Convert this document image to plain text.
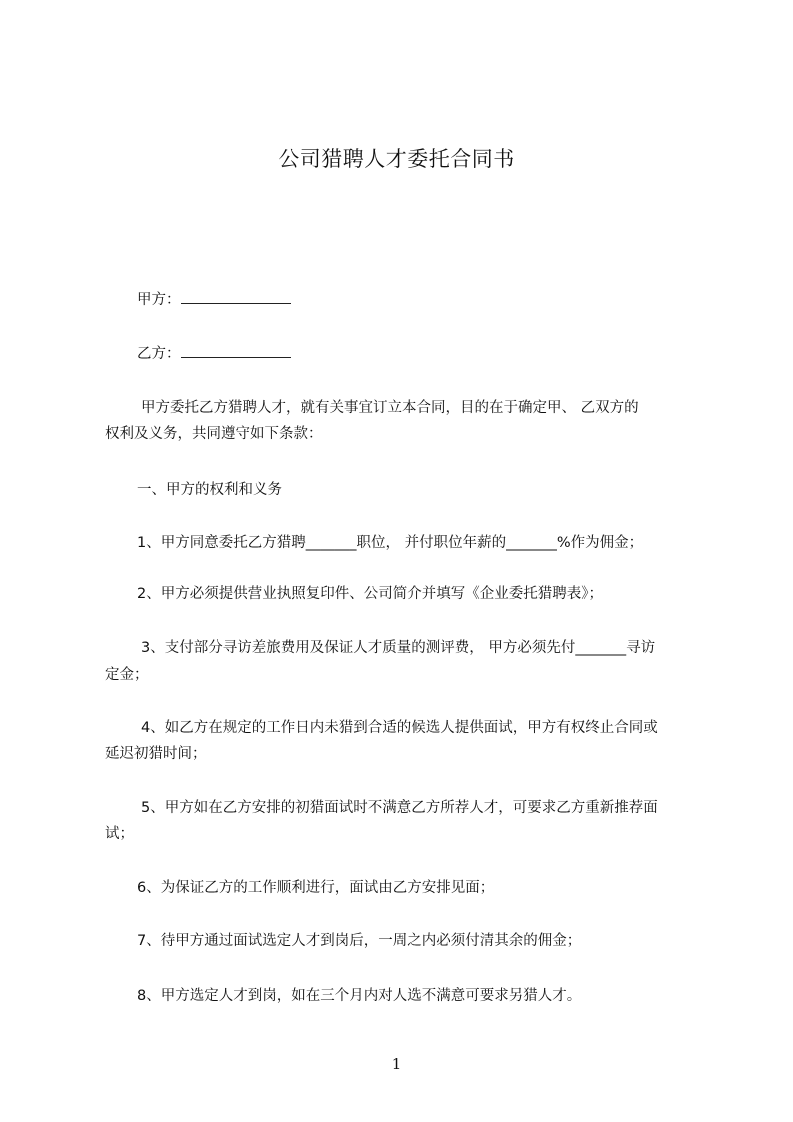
公司猎聘人才委托合同书
甲方：
乙方：
甲方委托乙方猎聘人才，就有关事宜订立本合同，目的在于确定甲、 乙双方的
权利及义务，共同遵守如下条款：
一、甲方的权利和义务
1、甲方同意委托乙方猎聘_______职位， 并付职位年薪的_______%作为佣金；
2、甲方必须提供营业执照复印件、公司简介并填写《企业委托猎聘表》；
3、支付部分寻访差旅费用及保证人才质量的测评费， 甲方必须先付_______寻访
定金；
4、如乙方在规定的工作日内未猎到合适的候选人提供面试，甲方有权终止合同或
延迟初猎时间；
5、甲方如在乙方安排的初猎面试时不满意乙方所荐人才，可要求乙方重新推荐面
试；
6、为保证乙方的工作顺利进行，面试由乙方安排见面；
7、待甲方通过面试选定人才到岗后，一周之内必须付清其余的佣金；
8、甲方选定人才到岗，如在三个月内对人选不满意可要求另猎人才。
1
